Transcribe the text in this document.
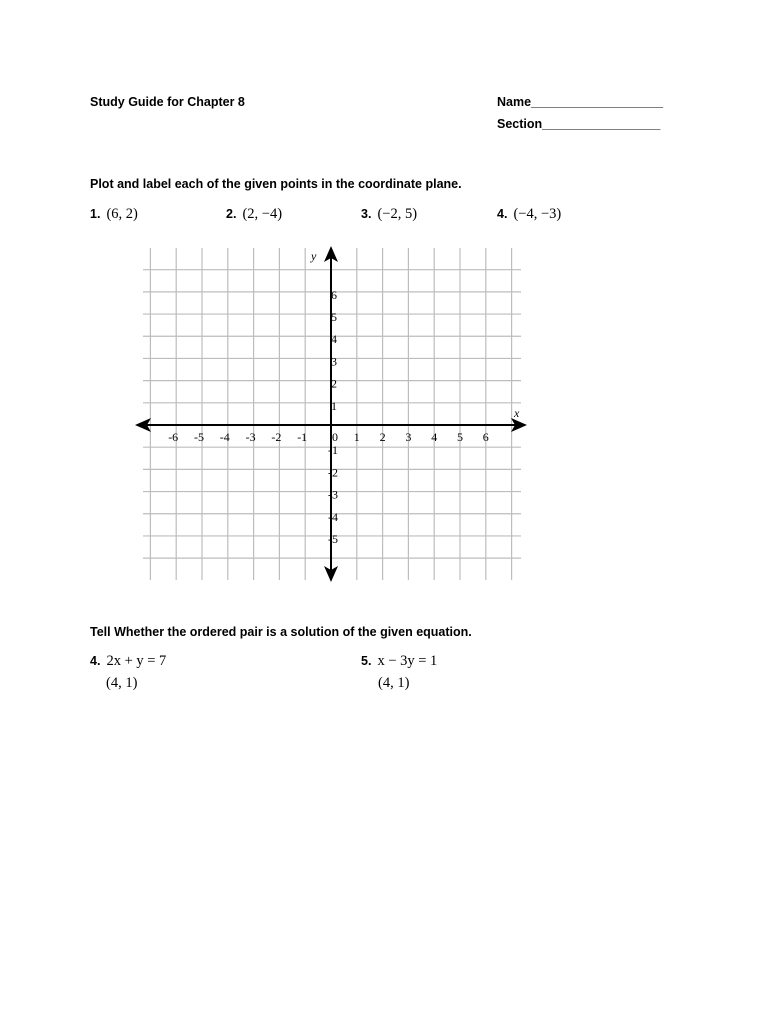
Study Guide for Chapter 8	Name___________________
Section_________________
Plot and label each of the given points in the coordinate plane.
1. (6, 2)	2. (2, −4)	3. (−2, 5)	4. (−4, −3)
x
y
-6 -5 -4 -3 -2 -1 0 1 2 3 4 5 6
1
2
3
4
5
6
-1
-2
-3
-4
-5
Tell Whether the ordered pair is a solution of the given equation.
4. 2x + y = 7
(4, 1)
5. x − 3y = 1
(4, 1)
